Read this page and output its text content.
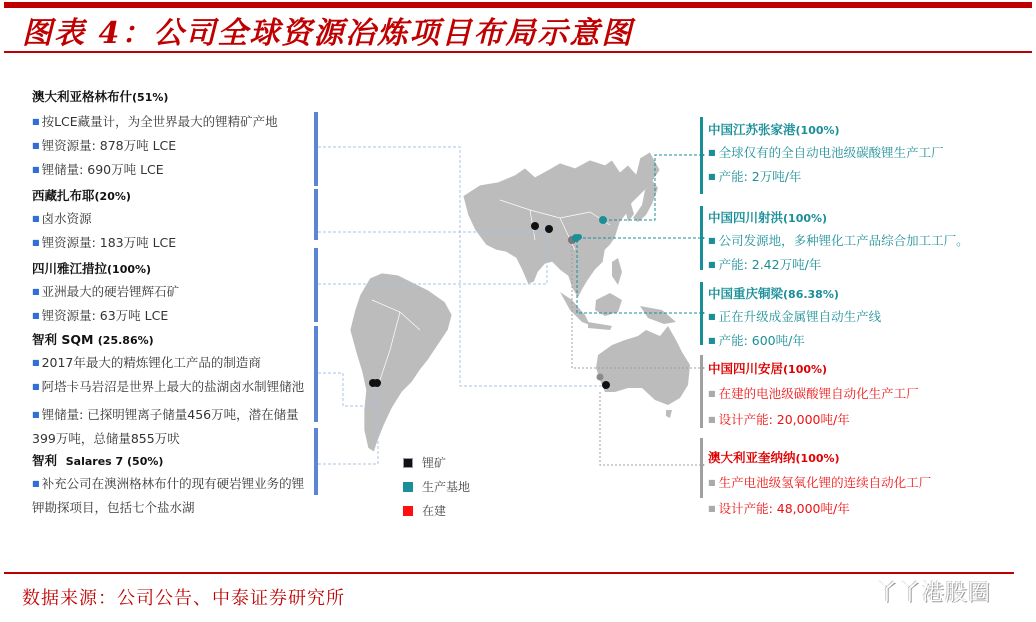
图表 4：公司全球资源冶炼项目布局示意图
澳大利亚格林布什(51%)
■ 按LCE藏量计，为全世界最大的锂精矿产地
■ 锂资源量: 878万吨 LCE
■ 锂储量: 690万吨 LCE
西藏扎布耶(20%)
■ 卤水资源
■ 锂资源量: 183万吨 LCE
四川雅江措拉(100%)
■ 亚洲最大的硬岩锂辉石矿
■ 锂资源量: 63万吨 LCE
智利 SQM (25.86%)
■ 2017年最大的精炼锂化工产品的制造商
■ 阿塔卡马岩沼是世界上最大的盐湖卤水制锂储池
■ 锂储量: 已探明锂离子储量456万吨，潜在储量399万吨，总储量855万吠
智利 Salares 7 (50%)
■ 补充公司在澳洲格林布什的现有硬岩锂业务的锂钾勘探项目，包括七个盐水湖
中国江苏张家港(100%)
■ 全球仅有的全自动电池级碳酸锂生产工厂
■ 产能: 2万吨/年
中国四川射洪(100%)
■ 公司发源地，多种锂化工产品综合加工工厂。
■ 产能: 2.42万吨/年
中国重庆铜梁(86.38%)
■ 正在升级成金属锂自动生产线
■ 产能: 600吨/年
中国四川安居(100%)
■ 在建的电池级碳酸锂自动化生产工厂
■ 设计产能: 20,000吨/年
澳大利亚奎纳纳(100%)
■ 生产电池级氢氧化锂的连续自动化工厂
■ 设计产能: 48,000吨/年
锂矿
生产基地
在建
数据来源：公司公告、中泰证券研究所	丫丫港股圈
